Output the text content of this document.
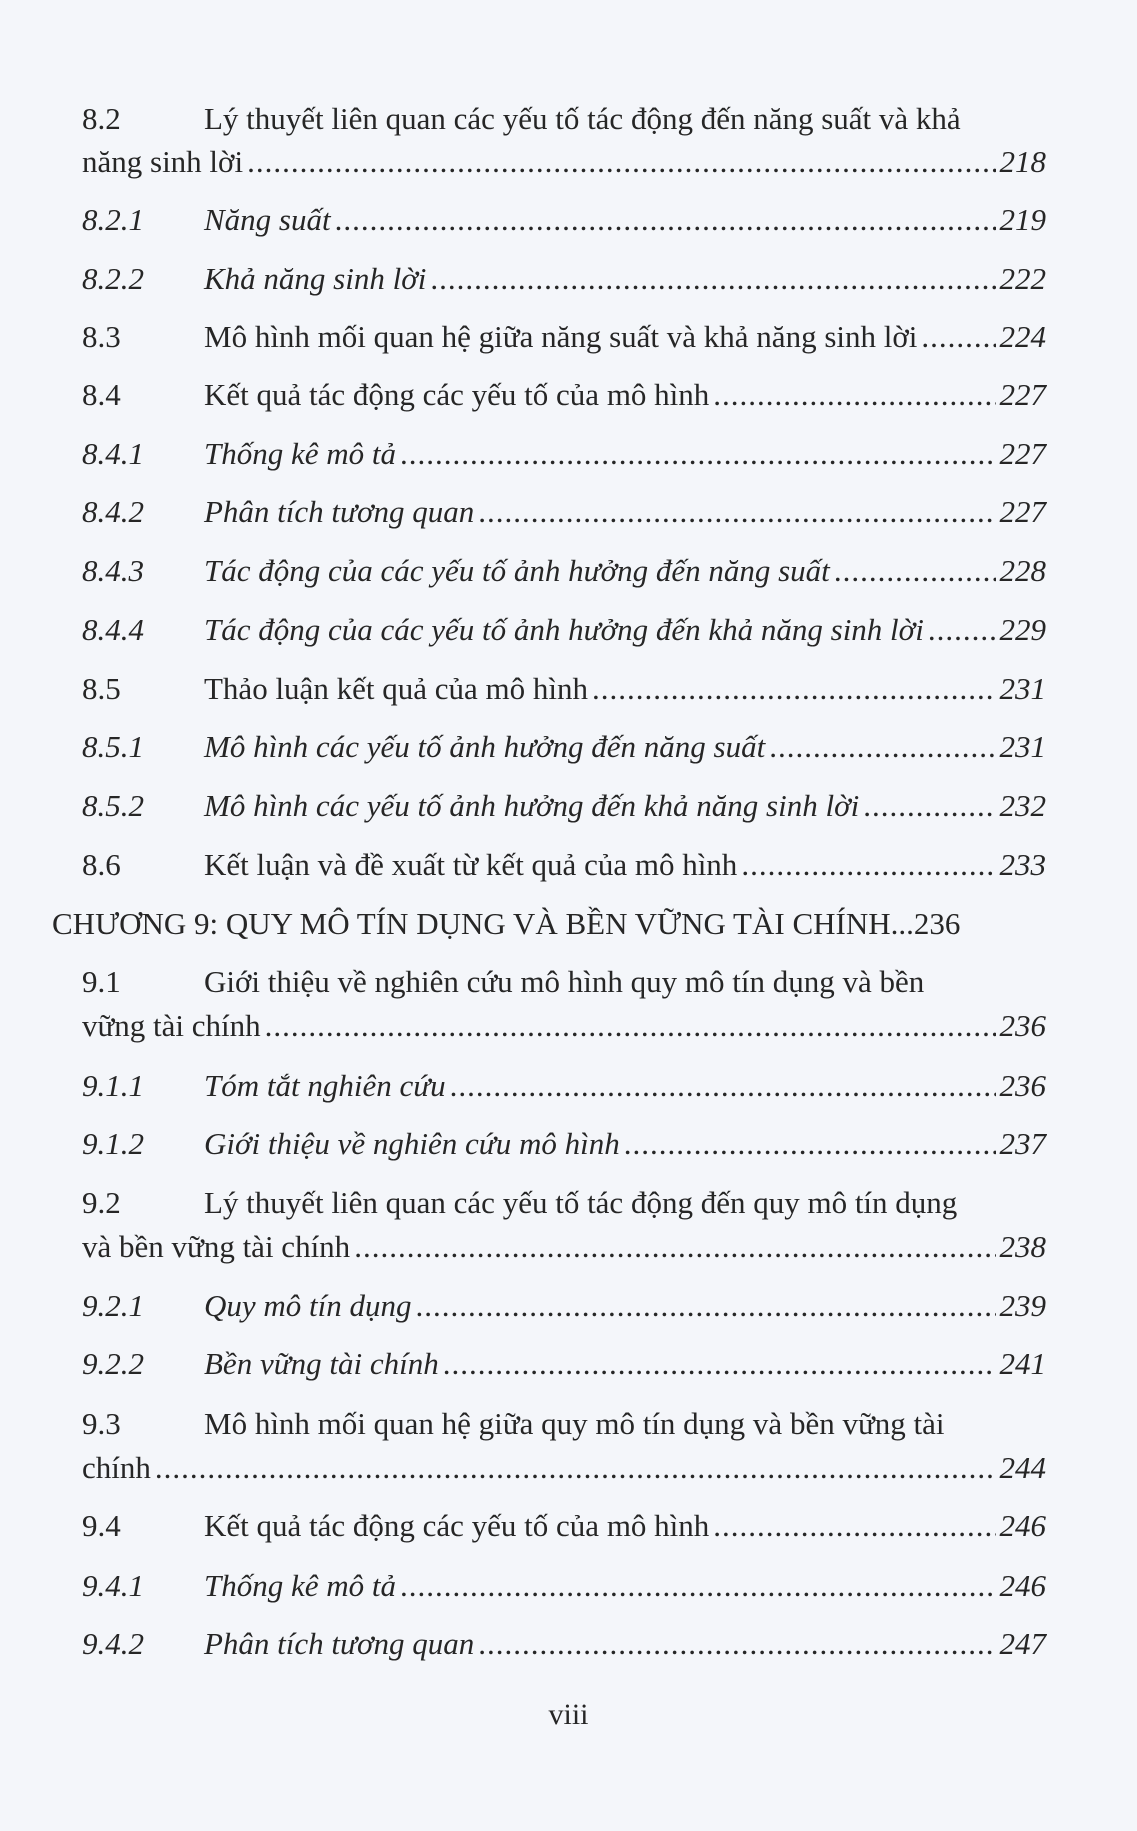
8.2	Lý thuyết liên quan các yếu tố tác động đến năng suất và khả
năng sinh lời .....	218
8.2.1	Năng suất .....	219
8.2.2	Khả năng sinh lời .....	222
8.3	Mô hình mối quan hệ giữa năng suất và khả năng sinh lời .....	224
8.4	Kết quả tác động các yếu tố của mô hình .....	227
8.4.1	Thống kê mô tả .....	227
8.4.2	Phân tích tương quan .....	227
8.4.3	Tác động của các yếu tố ảnh hưởng đến năng suất .....	228
8.4.4	Tác động của các yếu tố ảnh hưởng đến khả năng sinh lời ..... 229
8.5	Thảo luận kết quả của mô hình .....	231
8.5.1	Mô hình các yếu tố ảnh hưởng đến năng suất .....	231
8.5.2	Mô hình các yếu tố ảnh hưởng đến khả năng sinh lời .....	232
8.6	Kết luận và đề xuất từ kết quả của mô hình .....	233
CHƯƠNG 9: QUY MÔ TÍN DỤNG VÀ BỀN VỮNG TÀI CHÍNH ... 236
9.1	Giới thiệu về nghiên cứu mô hình quy mô tín dụng và bền
vững tài chính .....	236
9.1.1	Tóm tắt nghiên cứu .....	236
9.1.2	Giới thiệu về nghiên cứu mô hình .....	237
9.2	Lý thuyết liên quan các yếu tố tác động đến quy mô tín dụng
và bền vững tài chính .....	238
9.2.1	Quy mô tín dụng .....	239
9.2.2	Bền vững tài chính .....	241
9.3	Mô hình mối quan hệ giữa quy mô tín dụng và bền vững tài
chính .....	244
9.4	Kết quả tác động các yếu tố của mô hình .....	246
9.4.1	Thống kê mô tả .....	246
9.4.2	Phân tích tương quan .....	247
viii
